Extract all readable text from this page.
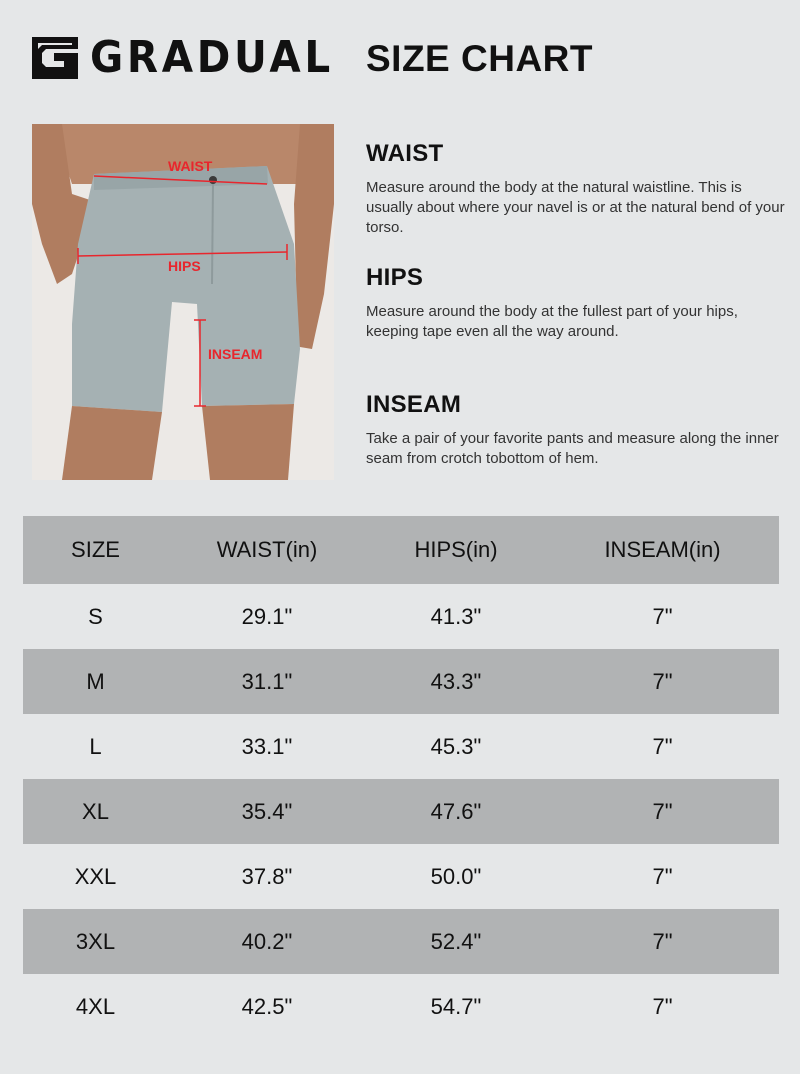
GRADUAL SIZE CHART
WAIST
HIPS
INSEAM
WAIST

Measure around the body at the natural waistline. This is usually about where your navel is or at the natural bend of your torso.

HIPS

Measure around the body at the fullest part of your hips, keeping tape even all the way around.

INSEAM

Take a pair of your favorite pants and measure along the inner seam from crotch tobottom of hem.

SIZE	WAIST(in)	HIPS(in)	INSEAM(in)
S	29.1"	41.3"	7"
M	31.1"	43.3"	7"
L	33.1"	45.3"	7"
XL	35.4"	47.6"	7"
XXL	37.8"	50.0"	7"
3XL	40.2"	52.4"	7"
4XL	42.5"	54.7"	7"
